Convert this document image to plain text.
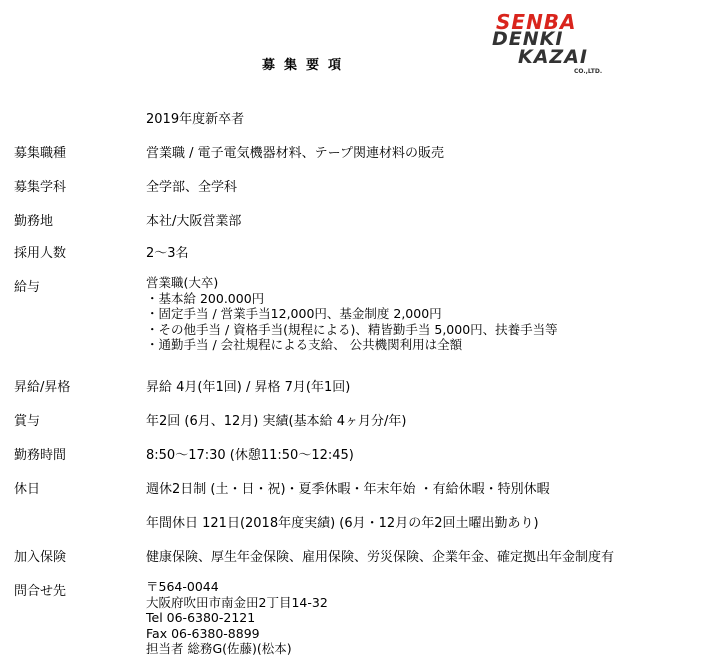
SENBA
DENKI
KAZAI
CO.,LTD.
募集要項
2019年度新卒者
募集職種	営業職 / 電子電気機器材料、テープ関連材料の販売
募集学科	全学部、全学科
勤務地	本社/大阪営業部
採用人数	2～3名
給与	営業職(大卒)
・基本給 200.000円
・固定手当 / 営業手当12,000円、基金制度 2,000円
・その他手当 / 資格手当(規程による)、精皆勤手当 5,000円、扶養手当等
・通勤手当 / 会社規程による支給、 公共機関利用は全額
昇給/昇格	昇給 4月(年1回) / 昇格 7月(年1回)
賞与	年2回 (6月、12月) 実績(基本給 4ヶ月分/年)
勤務時間	8:50～17:30 (休憩11:50～12:45)
休日	週休2日制 (土・日・祝)・夏季休暇・年末年始 ・有給休暇・特別休暇
年間休日 121日(2018年度実績) (6月・12月の年2回土曜出勤あり)
加入保険	健康保険、厚生年金保険、雇用保険、労災保険、企業年金、確定拠出年金制度有
問合せ先	〒564-0044
大阪府吹田市南金田2丁目14-32
Tel 06-6380-2121
Fax 06-6380-8899
担当者 総務G(佐藤)(松本)
